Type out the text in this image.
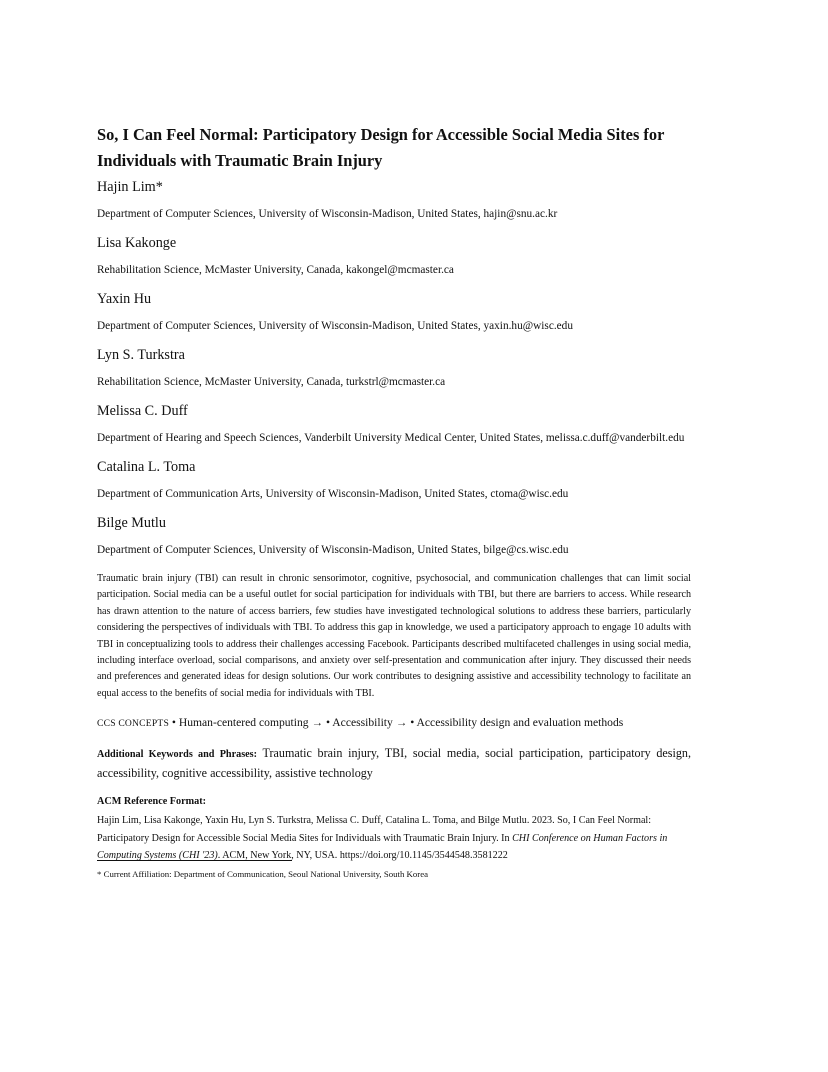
So, I Can Feel Normal: Participatory Design for Accessible Social Media Sites for Individuals with Traumatic Brain Injury
Hajin Lim*
Department of Computer Sciences, University of Wisconsin-Madison, United States, hajin@snu.ac.kr
Lisa Kakonge
Rehabilitation Science, McMaster University, Canada, kakongel@mcmaster.ca
Yaxin Hu
Department of Computer Sciences, University of Wisconsin-Madison, United States, yaxin.hu@wisc.edu
Lyn S. Turkstra
Rehabilitation Science, McMaster University, Canada, turkstrl@mcmaster.ca
Melissa C. Duff
Department of Hearing and Speech Sciences, Vanderbilt University Medical Center, United States, melissa.c.duff@vanderbilt.edu
Catalina L. Toma
Department of Communication Arts, University of Wisconsin-Madison, United States, ctoma@wisc.edu
Bilge Mutlu
Department of Computer Sciences, University of Wisconsin-Madison, United States, bilge@cs.wisc.edu

Traumatic brain injury (TBI) can result in chronic sensorimotor, cognitive, psychosocial, and communication challenges that can limit social participation. Social media can be a useful outlet for social participation for individuals with TBI, but there are barriers to access. While research has drawn attention to the nature of access barriers, few studies have investigated technological solutions to address these barriers, particularly considering the perspectives of individuals with TBI. To address this gap in knowledge, we used a participatory approach to engage 10 adults with TBI in conceptualizing tools to address their challenges accessing Facebook. Participants described multifaceted challenges in using social media, including interface overload, social comparisons, and anxiety over self-presentation and communication after injury. They discussed their needs and preferences and generated ideas for design solutions. Our work contributes to designing assistive and accessibility technology to facilitate an equal access to the benefits of social media for individuals with TBI.

CCS CONCEPTS • Human-centered computing → • Accessibility → • Accessibility design and evaluation methods

Additional Keywords and Phrases: Traumatic brain injury, TBI, social media, social participation, participatory design, accessibility, cognitive accessibility, assistive technology

ACM Reference Format:

Hajin Lim, Lisa Kakonge, Yaxin Hu, Lyn S. Turkstra, Melissa C. Duff, Catalina L. Toma, and Bilge Mutlu. 2023. So, I Can Feel Normal: Participatory Design for Accessible Social Media Sites for Individuals with Traumatic Brain Injury. In CHI Conference on Human Factors in Computing Systems (CHI '23). ACM, New York, NY, USA. https://doi.org/10.1145/3544548.3581222

* Current Affiliation: Department of Communication, Seoul National University, South Korea
